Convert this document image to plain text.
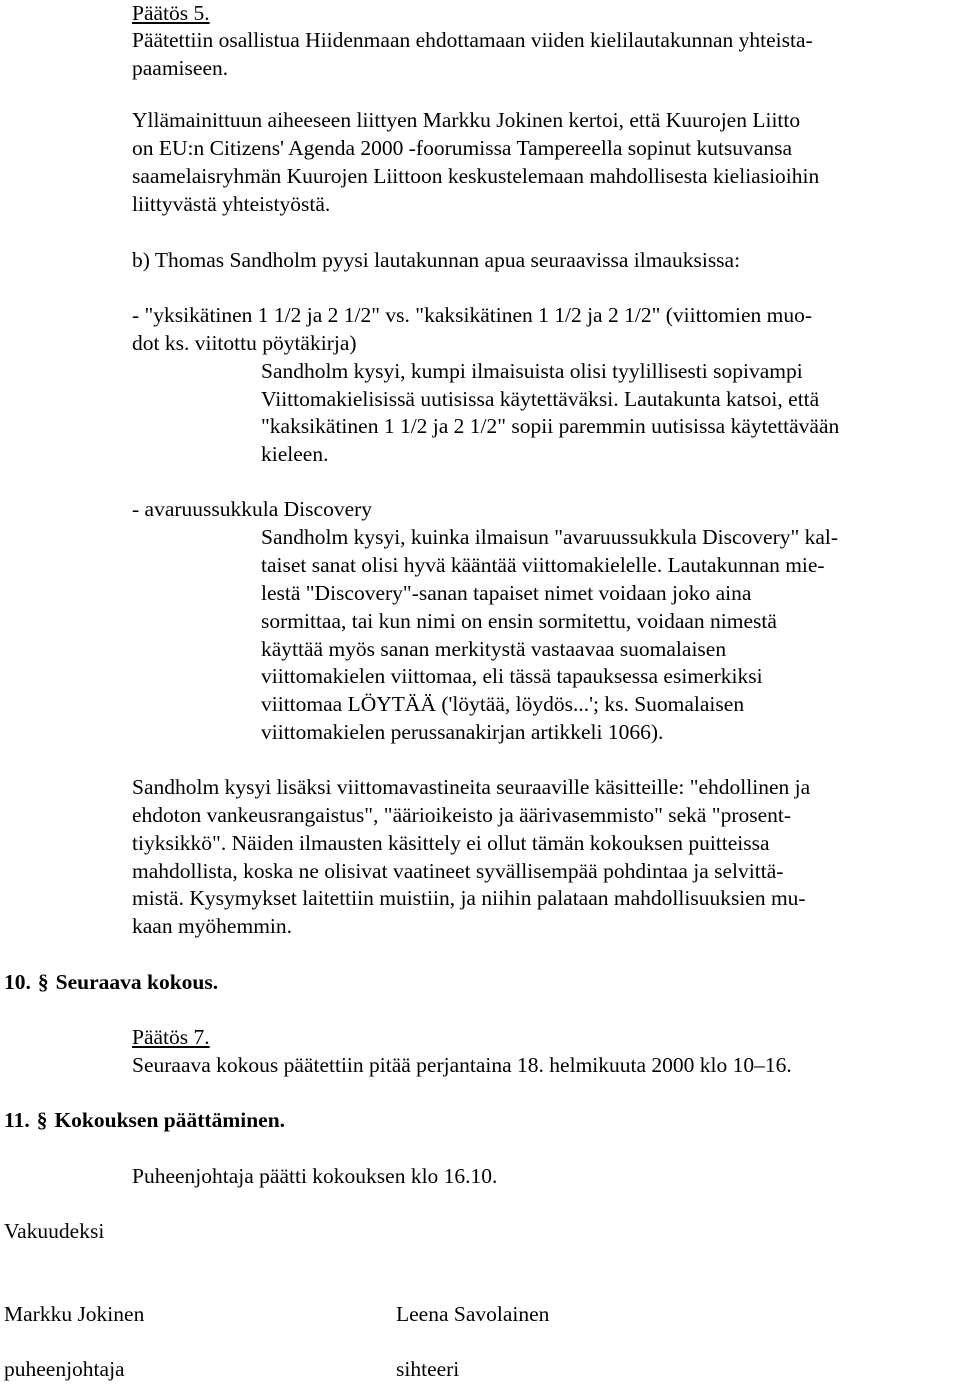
Päätös 5.
Päätettiin osallistua Hiidenmaan ehdottamaan viiden kielilautakunnan yhteista-
paamiseen.
Yllämainittuun aiheeseen liittyen Markku Jokinen kertoi, että Kuurojen Liitto
on EU:n Citizens' Agenda 2000 -foorumissa Tampereella sopinut kutsuvansa
saamelaisryhmän Kuurojen Liittoon keskustelemaan mahdollisesta kieliasioihin
liittyvästä yhteistyöstä.
b) Thomas Sandholm pyysi lautakunnan apua seuraavissa ilmauksissa:
- "yksikätinen 1 1/2 ja 2 1/2" vs. "kaksikätinen 1 1/2 ja 2 1/2" (viittomien muo-
dot ks. viitottu pöytäkirja)
Sandholm kysyi, kumpi ilmaisuista olisi tyylillisesti sopivampi
Viittomakielisissä uutisissa käytettäväksi. Lautakunta katsoi, että
"kaksikätinen 1 1/2 ja 2 1/2" sopii paremmin uutisissa käytettävään
kieleen.
- avaruussukkula Discovery
Sandholm kysyi, kuinka ilmaisun "avaruussukkula Discovery" kal-
taiset sanat olisi hyvä kääntää viittomakielelle. Lautakunnan mie-
lestä "Discovery"-sanan tapaiset nimet voidaan joko aina
sormittaa, tai kun nimi on ensin sormitettu, voidaan nimestä
käyttää myös sanan merkitystä vastaavaa suomalaisen
viittomakielen viittomaa, eli tässä tapauksessa esimerkiksi
viittomaa LÖYTÄÄ ('löytää, löydös...'; ks. Suomalaisen
viittomakielen perussanakirjan artikkeli 1066).
Sandholm kysyi lisäksi viittomavastineita seuraaville käsitteille: "ehdollinen ja
ehdoton vankeusrangaistus", "äärioikeisto ja äärivasemmisto" sekä "prosent-
tiyksikkö". Näiden ilmausten käsittely ei ollut tämän kokouksen puitteissa
mahdollista, koska ne olisivat vaatineet syvällisempää pohdintaa ja selvittä-
mistä. Kysymykset laitettiin muistiin, ja niihin palataan mahdollisuuksien mu-
kaan myöhemmin.
10. § Seuraava kokous.
Päätös 7.
Seuraava kokous päätettiin pitää perjantaina 18. helmikuuta 2000 klo 10–16.
11. § Kokouksen päättäminen.
Puheenjohtaja päätti kokouksen klo 16.10.
Vakuudeksi
Markku Jokinen	Leena Savolainen
puheenjohtaja	sihteeri
